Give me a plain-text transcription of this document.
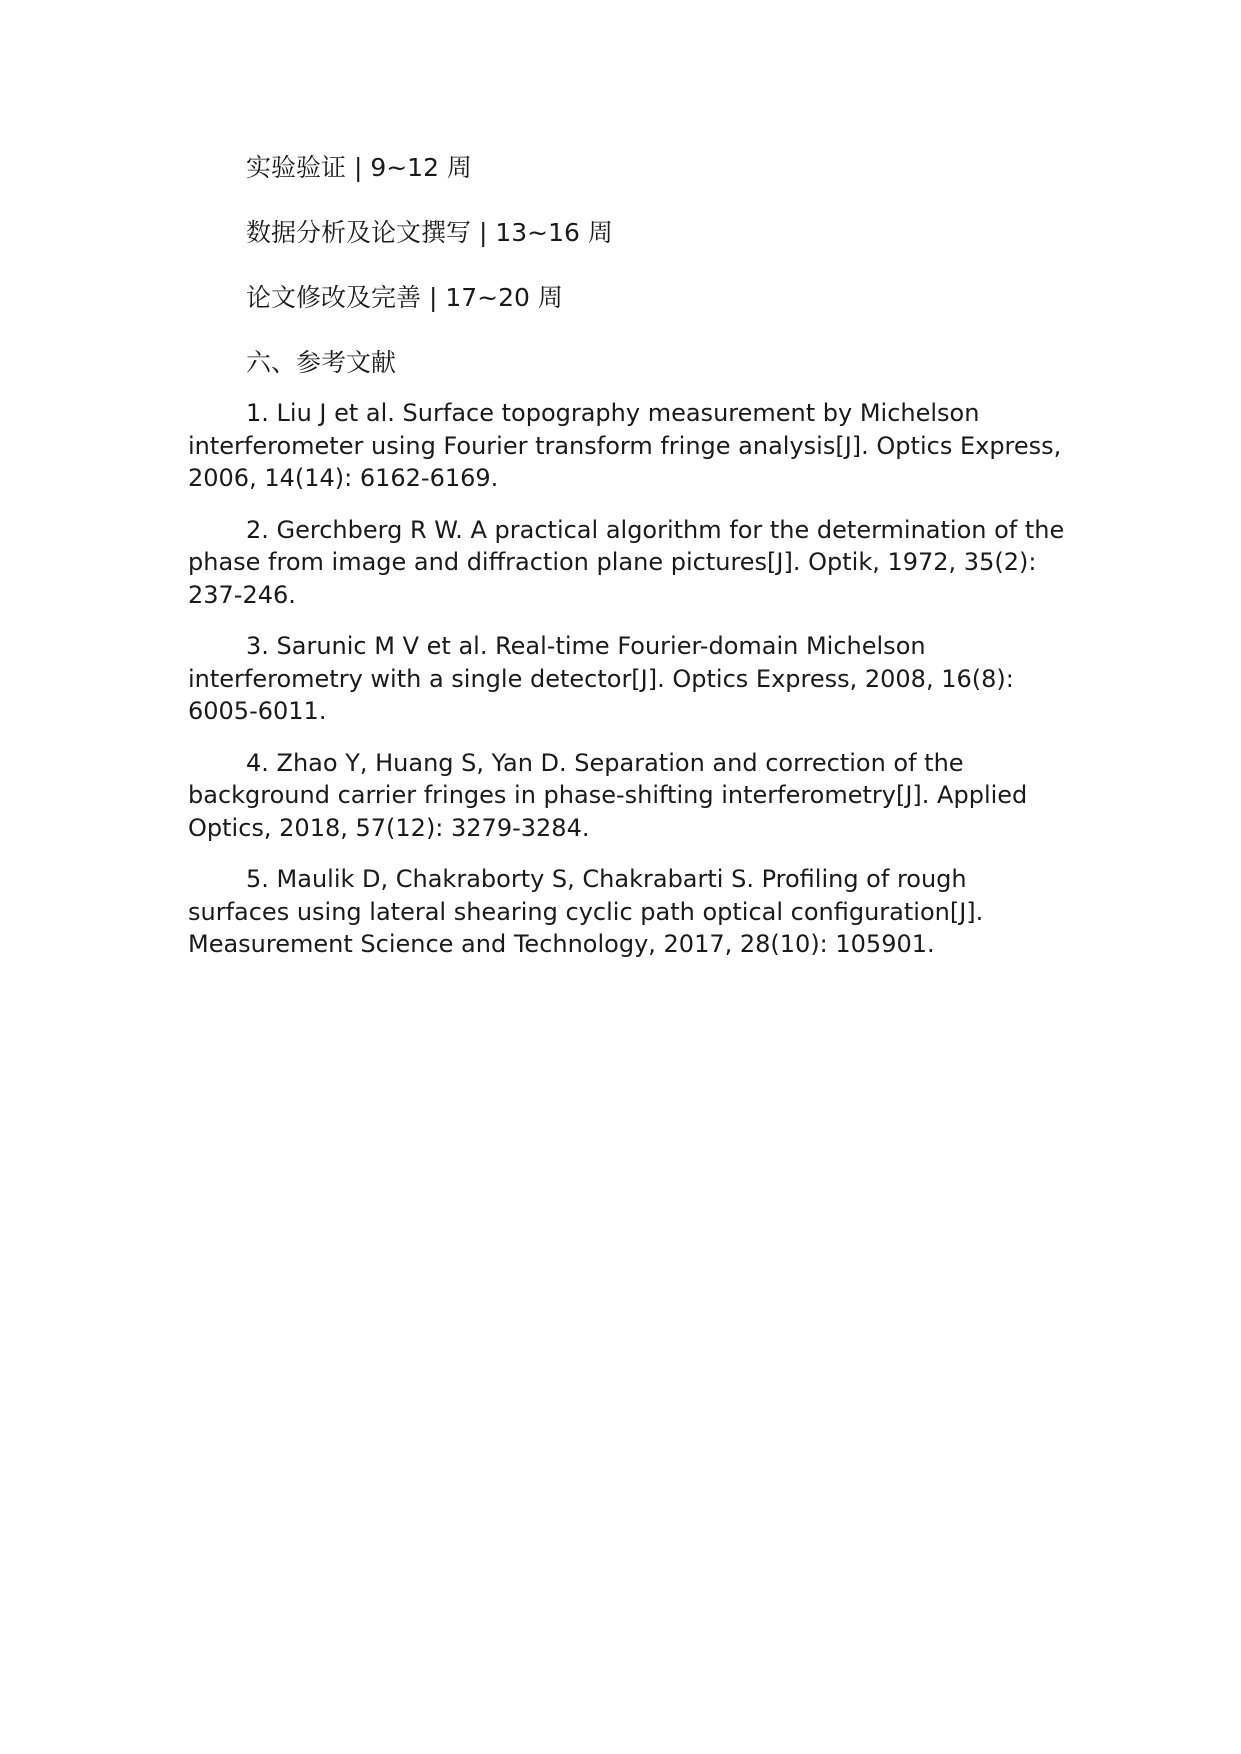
实验验证 | 9~12 周

数据分析及论文撰写 | 13~16 周

论文修改及完善 | 17~20 周

六、参考文献
1. Liu J et al. Surface topography measurement by Michelson interferometer using Fourier transform fringe analysis[J]. Optics Express, 2006, 14(14): 6162-6169.
2. Gerchberg R W. A practical algorithm for the determination of the phase from image and diffraction plane pictures[J]. Optik, 1972, 35(2): 237-246.
3. Sarunic M V et al. Real-time Fourier-domain Michelson interferometry with a single detector[J]. Optics Express, 2008, 16(8): 6005-6011.
4. Zhao Y, Huang S, Yan D. Separation and correction of the background carrier fringes in phase-shifting interferometry[J]. Applied Optics, 2018, 57(12): 3279-3284.
5. Maulik D, Chakraborty S, Chakrabarti S. Profiling of rough surfaces using lateral shearing cyclic path optical configuration[J]. Measurement Science and Technology, 2017, 28(10): 105901.
